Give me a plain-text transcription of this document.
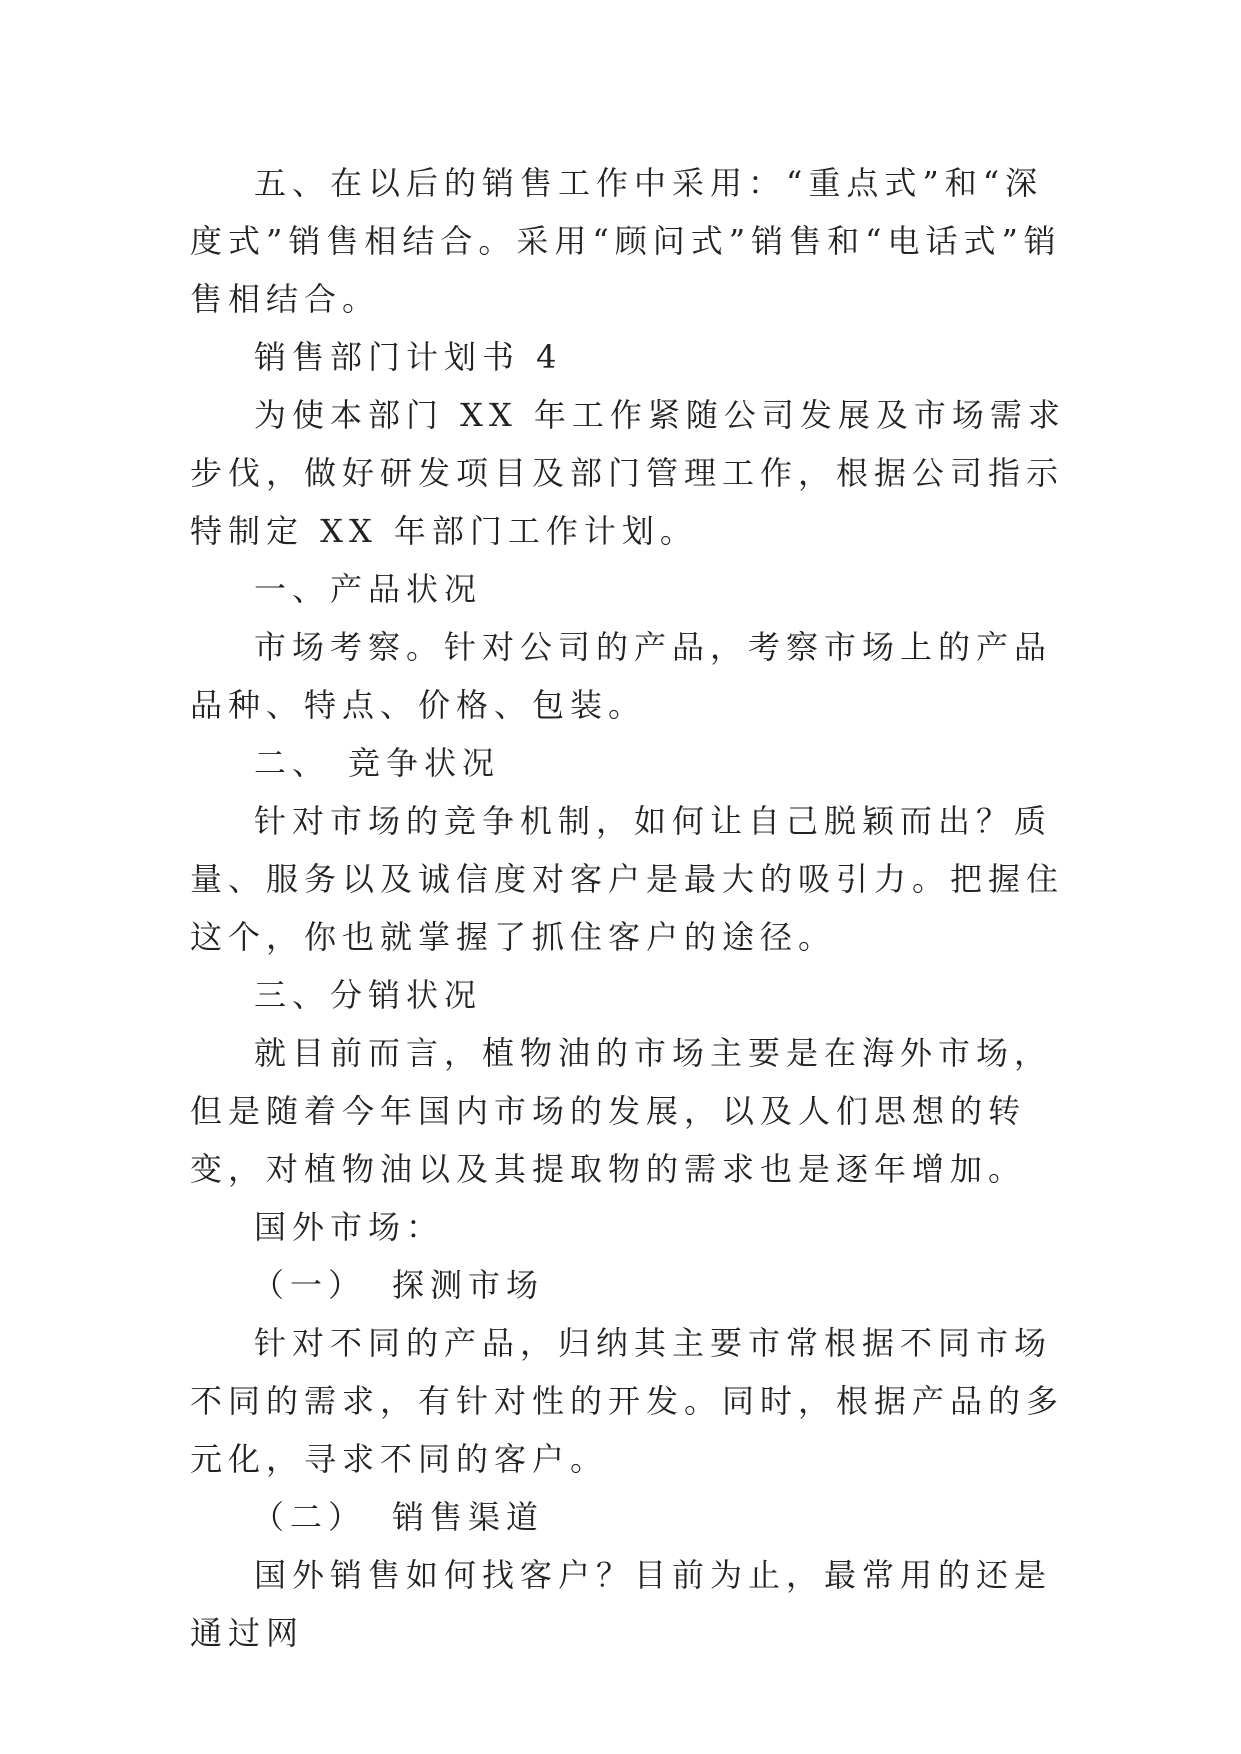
五、在以后的销售工作中采用：“重点式”和“深度式”销售相结合。采用“顾问式”销售和“电话式”销售相结合。

销售部门计划书 4

为使本部门 XX 年工作紧随公司发展及市场需求步伐，做好研发项目及部门管理工作，根据公司指示特制定 XX 年部门工作计划。

一、产品状况

市场考察。针对公司的产品，考察市场上的产品品种、特点、价格、包装。

二、 竞争状况

针对市场的竞争机制，如何让自己脱颖而出？质量、服务以及诚信度对客户是最大的吸引力。把握住这个，你也就掌握了抓住客户的途径。

三、分销状况

就目前而言，植物油的市场主要是在海外市场，但是随着今年国内市场的发展，以及人们思想的转变，对植物油以及其提取物的需求也是逐年增加。

国外市场：

（一） 探测市场

针对不同的产品，归纳其主要市常根据不同市场不同的需求，有针对性的开发。同时，根据产品的多元化，寻求不同的客户。

（二） 销售渠道

国外销售如何找客户？目前为止，最常用的还是通过网
